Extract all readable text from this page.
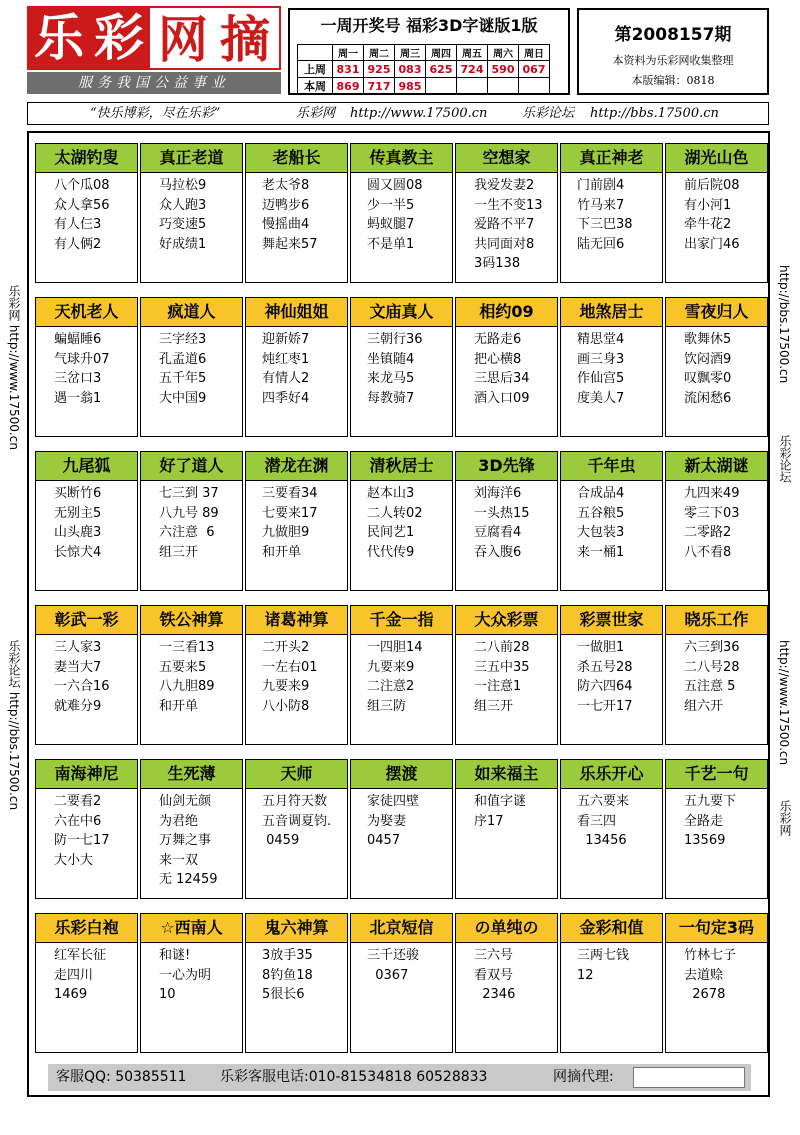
乐 彩 网 摘
服务我国公益事业
一周开奖号 福彩3D字谜版1版
	周一	周二	周三	周四	周五	周六	周日
上周	831	925	083	625	724	590	067
本周	869	717	985				
第2008157期
本资料为乐彩网收集整理
本版编辑：0818
“快乐博彩，尽在乐彩”	乐彩网 http://www.17500.cn	乐彩论坛 http://bbs.17500.cn
乐彩网 http://www.17500.cn
乐彩论坛 http://bbs.17500.cn
http://bbs.17500.cn
乐彩论坛
http://www.17500.cn
乐彩网
太湖钓叟
八个瓜08
众人拿56
有人仨3
有人俩2
真正老道
马拉松9
众人跑3
巧变速5
好成绩1
老船长
老太爷8
迈鸭步6
慢摇曲4
舞起来57
传真教主
圆又圆08
少一半5
蚂蚁腿7
不是单1
空想家
我爱发妻2
一生不变13
爱路不平7
共同面对8
3码138
真正神老
门前剧4
竹马来7
下三巴38
陆无回6
湖光山色
前后院08
有小河1
牵牛花2
出家门46
天机老人
蝙蝠睡6
气球升07
三岔口3
遇一翁1
疯道人
三字经3
孔孟道6
五千年5
大中国9
神仙姐姐
迎新娇7
炖红枣1
有情人2
四季好4
文庙真人
三朝行36
坐镇随4
来龙马5
每教骑7
相约09
无路走6
把心横8
三思后34
酒入口09
地煞居士
精思堂4
画三身3
作仙宫5
度美人7
雪夜归人
歌舞休5
饮闷酒9
叹飘零0
流闲愁6
九尾狐
买断竹6
无别主5
山头鹿3
长惊犬4
好了道人
七三到 37
八九号 89
六注意  6
组三开
潜龙在渊
三要看34
七要来17
九做胆9
和开单
清秋居士
赵本山3
二人转02
民间艺1
代代传9
3D先锋
刘海洋6
一头热15
豆腐看4
吞入腹6
千年虫
合成品4
五谷粮5
大包装3
来一桶1
新太湖谜
九四来49
零三下03
二零路2
八不看8
彰武一彩
三人家3
妻当大7
一六合16
就难分9
铁公神算
一三看13
五要来5
八九胆89
和开单
诸葛神算
二开头2
一左右01
九要来9
八小防8
千金一指
一四胆14
九要来9
二注意2
组三防
大众彩票
二八前28
三五中35
一注意1
组三开
彩票世家
一做胆1
杀五号28
防六四64
一七开17
晓乐工作
六三到36
二八号28
五注意 5
组六开
南海神尼
二要看2
六在中6
防一七17
大小大
生死薄
仙剑无颜
为君绝
万舞之事
来一双
无 12459
天师
五月符天数
五音调夏钧.
0459
摆渡
家徒四壁
为娶妻
0457
如来福主
和值字谜
序17
乐乐开心
五六要来
看三四
13456
千艺一句
五九要下
全路走
13569
乐彩白袍
红军长征
走四川
1469
☆西南人
和谜!
一心为明
10
鬼六神算
3放手35
8钓鱼18
5很长6
北京短信
三千还骏
0367
の单纯の
三六号
看双号
2346
金彩和值
三两七钱
12
一句定3码
竹林七子
去道赊
2678
客服QQ: 50385511 乐彩客服电话:010-81534818 60528833	网摘代理:
